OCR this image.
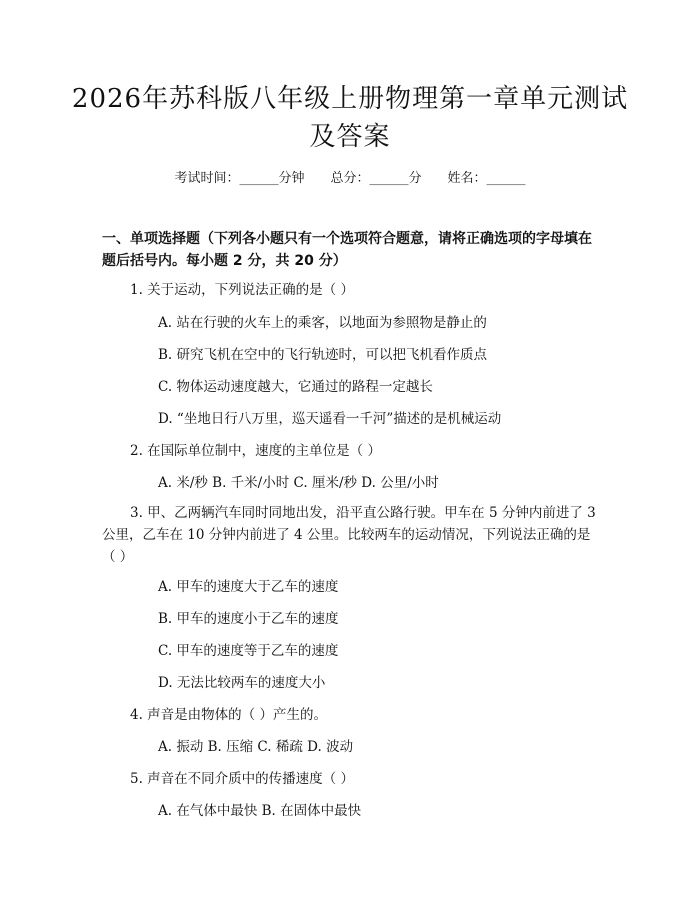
2026年苏科版八年级上册物理第一章单元测试及答案
考试时间：______分钟 总分：______分 姓名：______
一、单项选择题（下列各小题只有一个选项符合题意，请将正确选项的字母填在题后括号内。每小题 2 分，共 20 分）
1. 关于运动，下列说法正确的是（ ）
A. 站在行驶的火车上的乘客，以地面为参照物是静止的
B. 研究飞机在空中的飞行轨迹时，可以把飞机看作质点
C. 物体运动速度越大，它通过的路程一定越长
D. “坐地日行八万里，巡天遥看一千河”描述的是机械运动
2. 在国际单位制中，速度的主单位是（ ）
A. 米/秒 B. 千米/小时 C. 厘米/秒 D. 公里/小时
3. 甲、乙两辆汽车同时同地出发，沿平直公路行驶。甲车在 5 分钟内前进了 3 公里，乙车在 10 分钟内前进了 4 公里。比较两车的运动情况，下列说法正确的是（ ）
A. 甲车的速度大于乙车的速度
B. 甲车的速度小于乙车的速度
C. 甲车的速度等于乙车的速度
D. 无法比较两车的速度大小
4. 声音是由物体的（ ）产生的。
A. 振动 B. 压缩 C. 稀疏 D. 波动
5. 声音在不同介质中的传播速度（ ）
A. 在气体中最快 B. 在固体中最快
